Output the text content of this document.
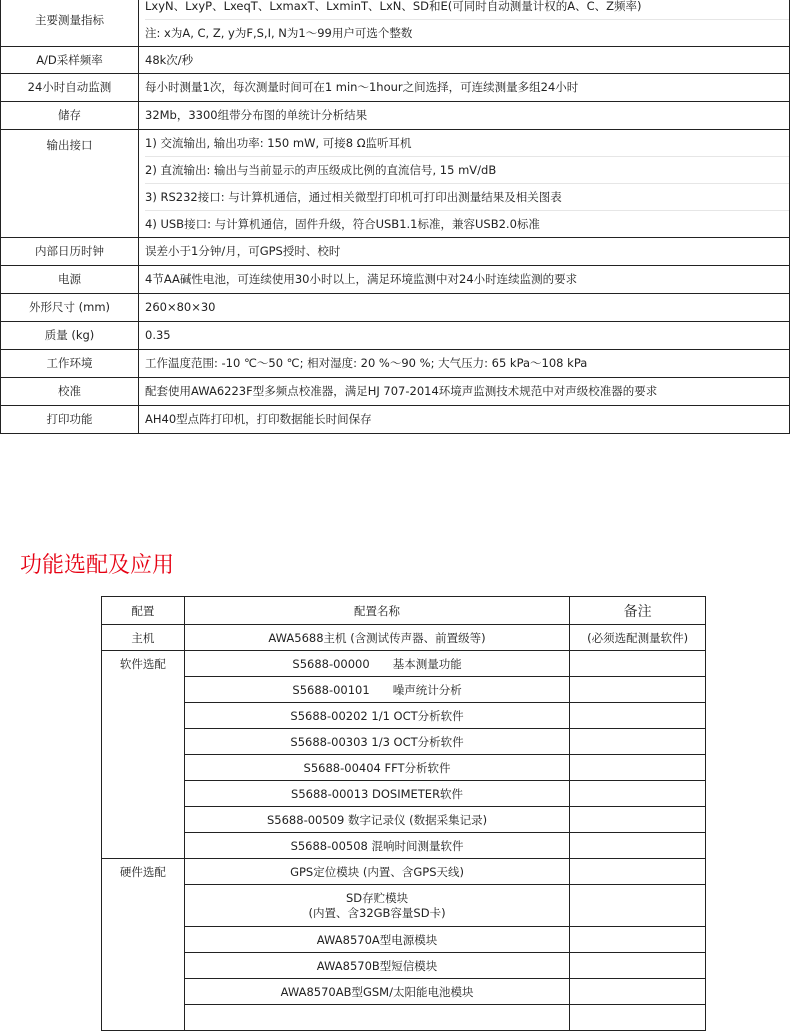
主要测量指标	LxyN、LxyP、LxeqT、LxmaxT、LxminT、LxN、SD和E(可同时自动测量计权的A、C、Z频率)
注: x为A, C, Z, y为F,S,I, N为1～99用户可选个整数

A/D采样频率	48k次/秒
24小时自动监测	每小时测量1次，每次测量时间可在1 min～1hour之间选择，可连续测量多组24小时
储存	32Mb，3300组带分布图的单统计分析结果
输出接口	1) 交流输出, 输出功率: 150 mW, 可接8 Ω监听耳机
2) 直流输出: 输出与当前显示的声压级成比例的直流信号, 15 mV/dB
3) RS232接口: 与计算机通信，通过相关微型打印机可打印出测量结果及相关图表
4) USB接口: 与计算机通信，固件升级，符合USB1.1标准，兼容USB2.0标准

内部日历时钟	误差小于1分钟/月，可GPS授时、校时
电源	4节AA碱性电池，可连续使用30小时以上，满足环境监测中对24小时连续监测的要求
外形尺寸 (mm)	260×80×30
质量 (kg)	0.35
工作环境	工作温度范围: -10 ℃～50 ℃; 相对湿度: 20 %～90 %; 大气压力: 65 kPa～108 kPa
校准	配套使用AWA6223F型多频点校准器，满足HJ 707-2014环境声监测技术规范中对声级校准器的要求
打印功能	AH40型点阵打印机，打印数据能长时间保存
功能选配及应用
配置	配置名称	备注
主机	AWA5688主机 (含测试传声器、前置级等)	(必须选配测量软件)
软件选配	S5688-00000　　基本测量功能	
	S5688-00101　　噪声统计分析	
	S5688-00202 1/1 OCT分析软件	
	S5688-00303 1/3 OCT分析软件	
	S5688-00404 FFT分析软件	
	S5688-00013 DOSIMETER软件	
	S5688-00509 数字记录仪 (数据采集记录)	
	S5688-00508 混响时间测量软件	
硬件选配	GPS定位模块 (内置、含GPS天线)	

	SD存贮模块
(内置、含32GB容量SD卡)	

	AWA8570A型电源模块	
	AWA8570B型短信模块	
	AWA8570AB型GSM/太阳能电池模块	
